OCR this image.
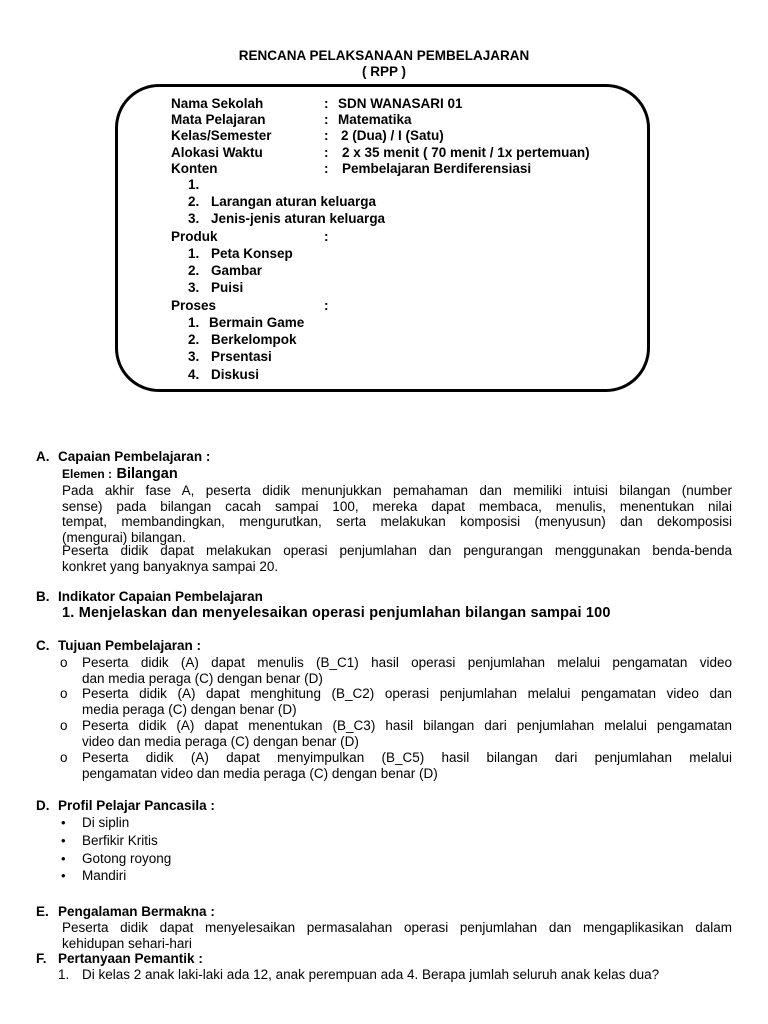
RENCANA PELAKSANAAN PEMBELAJARAN
( RPP )
Nama Sekolah	: SDN WANASARI 01
Mata Pelajaran	: Matematika
Kelas/Semester	: 2 (Dua) / I (Satu)
Alokasi Waktu	: 2 x 35 menit ( 70 menit / 1x pertemuan)
Konten	: Pembelajaran Berdiferensiasi
1.
2. Larangan aturan keluarga
3. Jenis-jenis aturan keluarga
Produk	:
1. Peta Konsep
2. Gambar
3. Puisi
Proses	:
1. Bermain Game
2. Berkelompok
3. Prsentasi
4. Diskusi
A. Capaian Pembelajaran :
Elemen : Bilangan
Pada akhir fase A, peserta didik menunjukkan pemahaman dan memiliki intuisi bilangan (number
sense) pada bilangan cacah sampai 100, mereka dapat membaca, menulis, menentukan nilai
tempat, membandingkan, mengurutkan, serta melakukan komposisi (menyusun) dan dekomposisi
(mengurai) bilangan.
Peserta didik dapat melakukan operasi penjumlahan dan pengurangan menggunakan benda-benda
konkret yang banyaknya sampai 20.
B. Indikator Capaian Pembelajaran
1. Menjelaskan dan menyelesaikan operasi penjumlahan bilangan sampai 100
C. Tujuan Pembelajaran :
o Peserta didik (A) dapat menulis (B_C1) hasil operasi penjumlahan melalui pengamatan video
dan media peraga (C) dengan benar (D)
o Peserta didik (A) dapat menghitung (B_C2) operasi penjumlahan melalui pengamatan video dan
media peraga (C) dengan benar (D)
o Peserta didik (A) dapat menentukan (B_C3) hasil bilangan dari penjumlahan melalui pengamatan
video dan media peraga (C) dengan benar (D)
o Peserta didik (A) dapat menyimpulkan (B_C5) hasil bilangan dari penjumlahan melalui
pengamatan video dan media peraga (C) dengan benar (D)
D. Profil Pelajar Pancasila :
• Di siplin
• Berfikir Kritis
• Gotong royong
• Mandiri
E. Pengalaman Bermakna :
Peserta didik dapat menyelesaikan permasalahan operasi penjumlahan dan mengaplikasikan dalam
kehidupan sehari-hari
F. Pertanyaan Pemantik :
1. Di kelas 2 anak laki-laki ada 12, anak perempuan ada 4. Berapa jumlah seluruh anak kelas dua?
